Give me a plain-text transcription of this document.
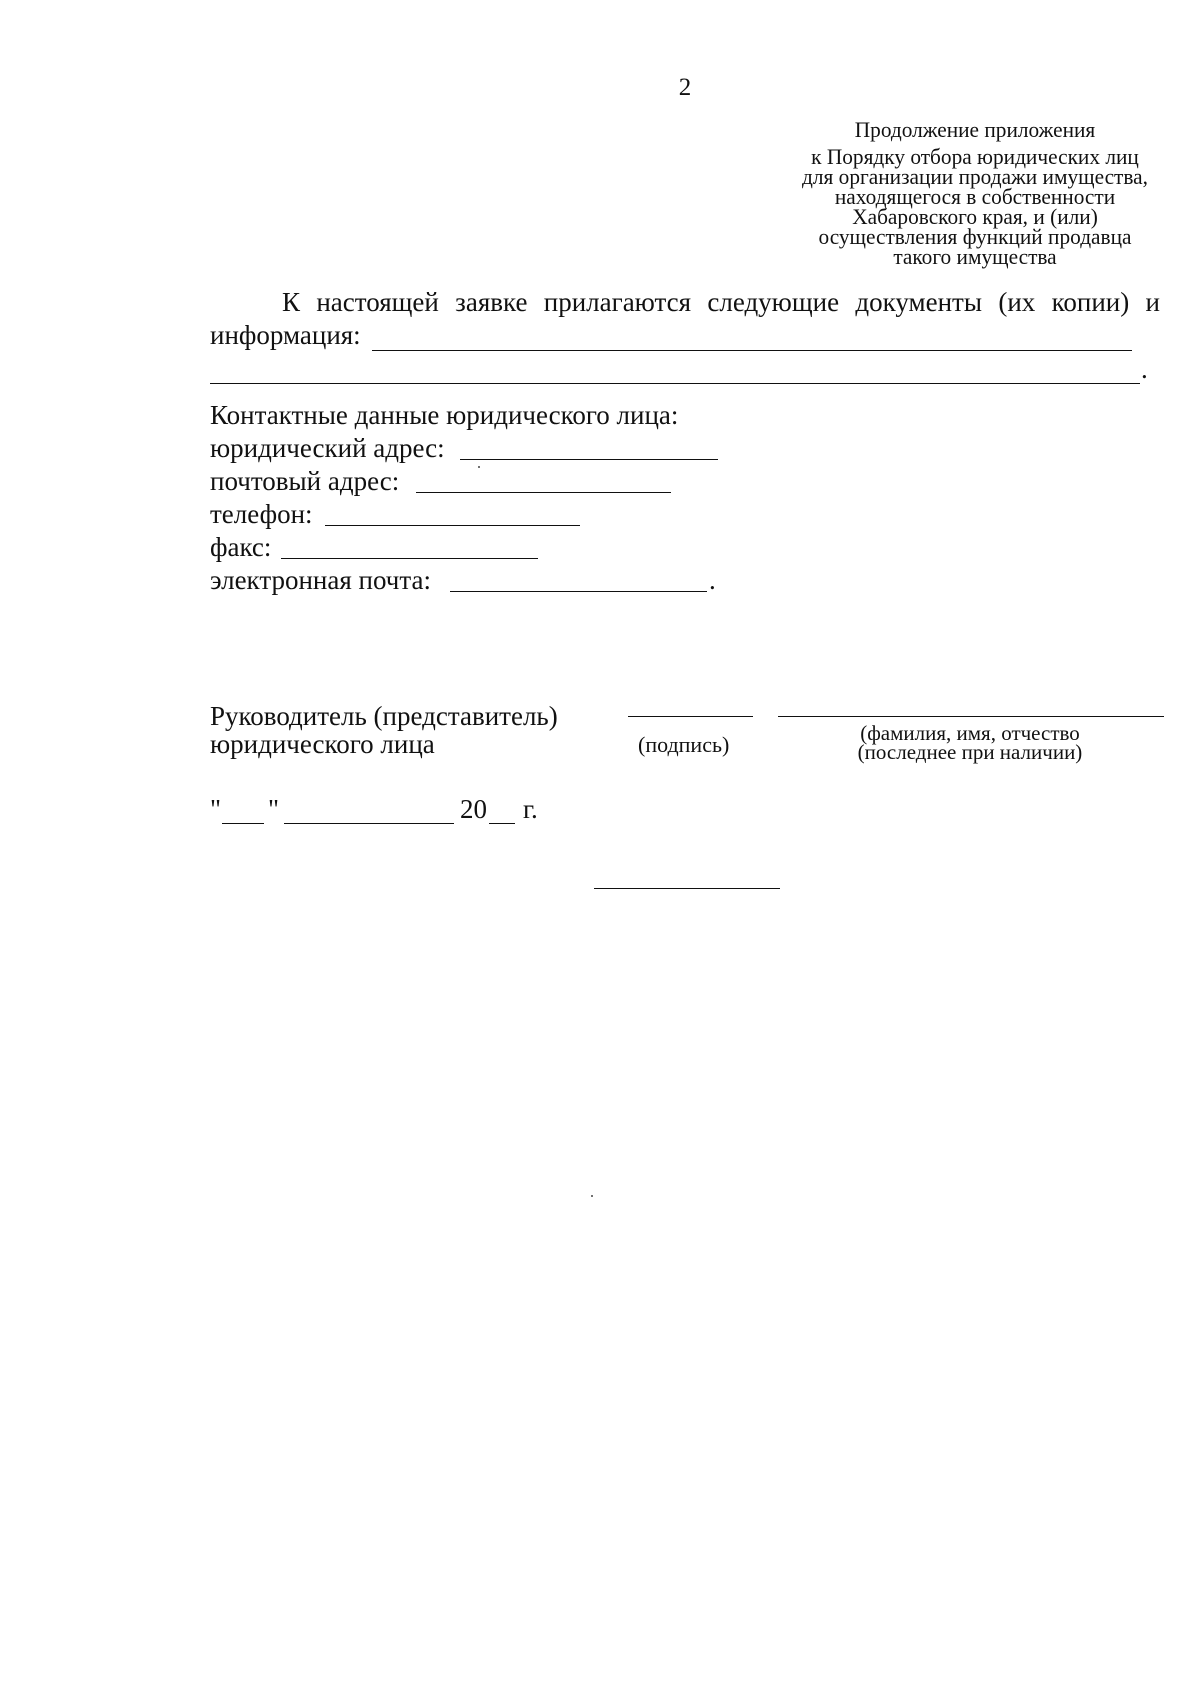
2
Продолжение приложения
к Порядку отбора юридических лиц
для организации продажи имущества,
находящегося в собственности
Хабаровского края, и (или)
осуществления функций продавца
такого имущества
К настоящей заявке прилагаются следующие документы (их копии) и
информация:
.
Контактные данные юридического лица:
юридический адрес:
почтовый адрес:
телефон:
факс:
электронная почта:	.
Руководитель (представитель)
юридического лица	(подпись)	(фамилия, имя, отчество
(последнее при наличии)
" "	20 г.
